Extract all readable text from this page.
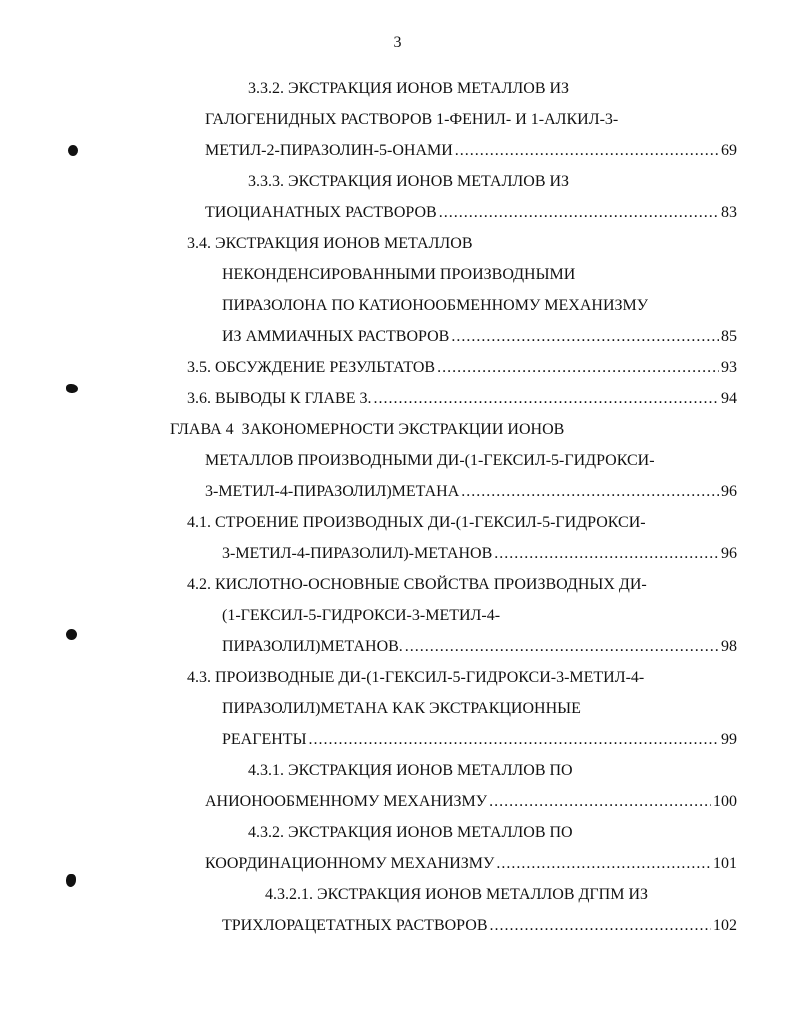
3
3.3.2. ЭКСТРАКЦИЯ ИОНОВ МЕТАЛЛОВ ИЗ
ГАЛОГЕНИДНЫХ РАСТВОРОВ 1-ФЕНИЛ- И 1-АЛКИЛ-3-
МЕТИЛ-2-ПИРАЗОЛИН-5-ОНАМИ .....	69
3.3.3. ЭКСТРАКЦИЯ ИОНОВ МЕТАЛЛОВ ИЗ
ТИОЦИАНАТНЫХ РАСТВОРОВ .....	83
3.4. ЭКСТРАКЦИЯ ИОНОВ МЕТАЛЛОВ
НЕКОНДЕНСИРОВАННЫМИ ПРОИЗВОДНЫМИ
ПИРАЗОЛОНА ПО КАТИОНООБМЕННОМУ МЕХАНИЗМУ
ИЗ АММИАЧНЫХ РАСТВОРОВ .....	85
3.5. ОБСУЖДЕНИЕ РЕЗУЛЬТАТОВ .....	93
3.6. ВЫВОДЫ К ГЛАВЕ 3. .....	94
ГЛАВА 4  ЗАКОНОМЕРНОСТИ ЭКСТРАКЦИИ ИОНОВ
МЕТАЛЛОВ ПРОИЗВОДНЫМИ ДИ-(1-ГЕКСИЛ-5-ГИДРОКСИ-
3-МЕТИЛ-4-ПИРАЗОЛИЛ)МЕТАНА .....	96
4.1. СТРОЕНИЕ ПРОИЗВОДНЫХ ДИ-(1-ГЕКСИЛ-5-ГИДРОКСИ-
3-МЕТИЛ-4-ПИРАЗОЛИЛ)-МЕТАНОВ .....	96
4.2. КИСЛОТНО-ОСНОВНЫЕ СВОЙСТВА ПРОИЗВОДНЫХ ДИ-
(1-ГЕКСИЛ-5-ГИДРОКСИ-3-МЕТИЛ-4-
ПИРАЗОЛИЛ)МЕТАНОВ. .....	98
4.3. ПРОИЗВОДНЫЕ ДИ-(1-ГЕКСИЛ-5-ГИДРОКСИ-3-МЕТИЛ-4-
ПИРАЗОЛИЛ)МЕТАНА КАК ЭКСТРАКЦИОННЫЕ
РЕАГЕНТЫ .....	99
4.3.1. ЭКСТРАКЦИЯ ИОНОВ МЕТАЛЛОВ ПО
АНИОНООБМЕННОМУ МЕХАНИЗМУ .....	100
4.3.2. ЭКСТРАКЦИЯ ИОНОВ МЕТАЛЛОВ ПО
КООРДИНАЦИОННОМУ МЕХАНИЗМУ .....	101
4.3.2.1. ЭКСТРАКЦИЯ ИОНОВ МЕТАЛЛОВ ДГПМ ИЗ
ТРИХЛОРАЦЕТАТНЫХ РАСТВОРОВ .....	102
